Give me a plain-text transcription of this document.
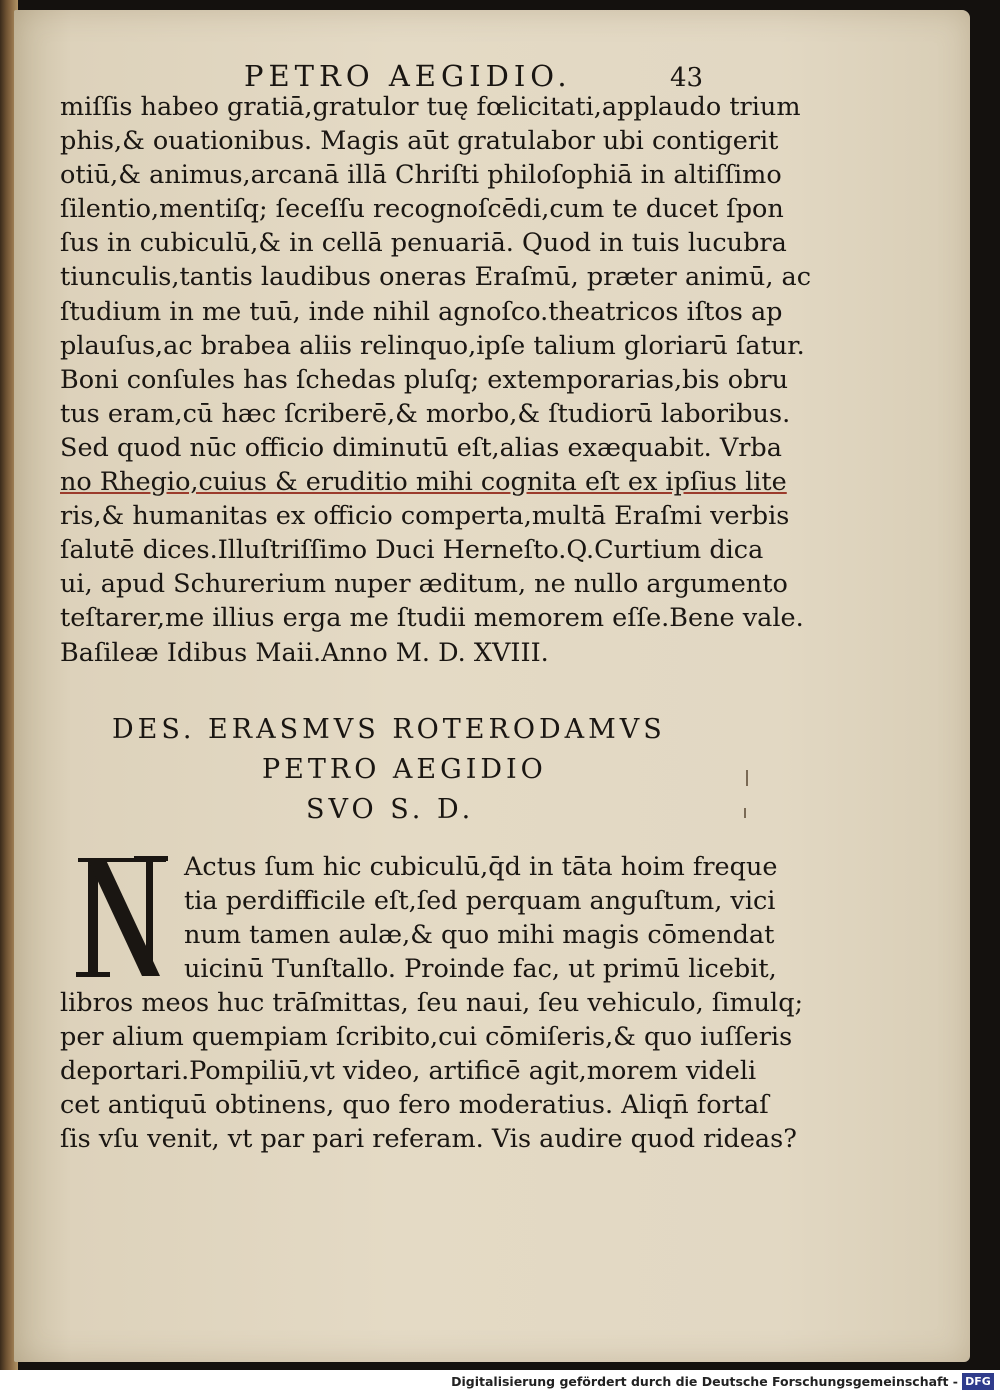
PETRO AEGIDIO.	43
miſſis habeo gratiā,gratulor tuę fœlicitati,applaudo trium
phis,& ouationibus. Magis aūt gratulabor ubi contigerit
otiū,& animus,arcanā illā Chriſti philoſophiā in altiſſimo
ſilentio,mentiſq; ſeceſſu recognoſcēdi,cum te ducet ſpon
ſus in cubiculū,& in cellā penuariā. Quod in tuis lucubra
tiunculis,tantis laudibus oneras Eraſmū, præter animū, ac
ſtudium in me tuū, inde nihil agnoſco.theatricos iſtos ap
plauſus,ac brabea aliis relinquo,ipſe talium gloriarū ſatur.
Boni conſules has ſchedas pluſq; extemporarias,bis obru
tus eram,cū hæc ſcriberē,& morbo,& ſtudiorū laboribus.
Sed quod nūc officio diminutū eſt,alias exæquabit. Vrba
no Rhegio,cuius & eruditio mihi cognita eſt ex ipſius lite
ris,& humanitas ex officio comperta,multā Eraſmi verbis
ſalutē dices.Illuſtriſſimo Duci Herneſto.Q.Curtium dica
ui, apud Schurerium nuper æditum, ne nullo argumento
teſtarer,me illius erga me ſtudii memorem eſſe.Bene vale.
Baſileæ Idibus Maii.Anno M. D. XVIII.
DES. ERASMVS ROTERODAMVS
PETRO AEGIDIO
SVO S. D.
N
Actus ſum hic cubiculū,q̄d in tāta hoim freque
tia perdifficile eſt,ſed perquam anguſtum, vici
num tamen aulæ,& quo mihi magis cōmendat
uicinū Tunſtallo. Proinde fac, ut primū licebit,
libros meos huc trāſmittas, ſeu naui, ſeu vehiculo, ſimulq;
per alium quempiam ſcribito,cui cōmiſeris,& quo iuſſeris
deportari.Pompiliū,vt video, artificē agit,morem videli
cet antiquū obtinens, quo fero moderatius. Aliqn̄ fortaſ
ſis vſu venit, vt par pari referam. Vis audire quod rideas?
Digitalisierung gefördert durch die Deutsche Forschungsgemeinschaft - DFG
